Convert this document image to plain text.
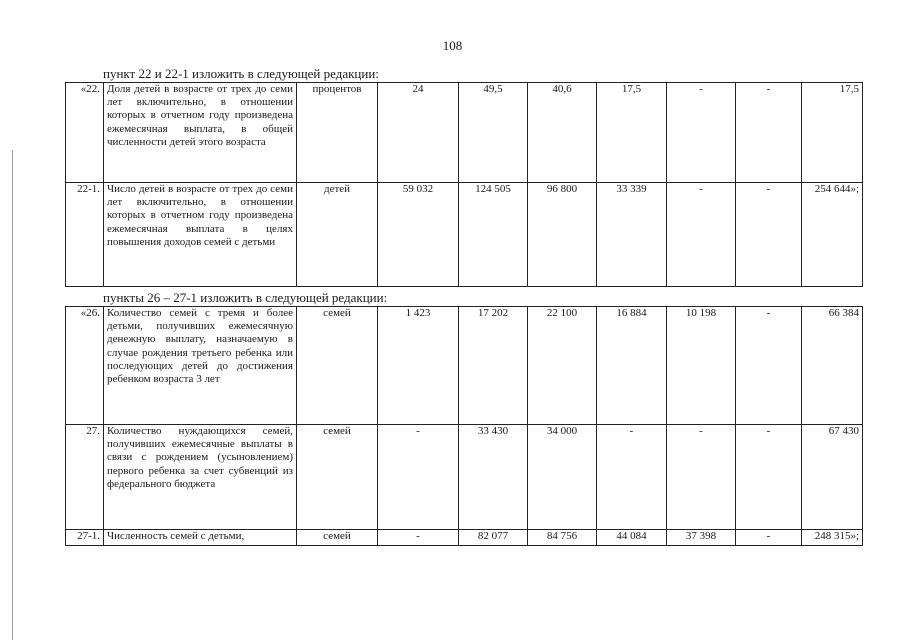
108
пункт 22 и 22-1 изложить в следующей редакции:
«22.	Доля детей в возрасте от трех до семи лет включительно, в отношении которых в отчетном году произведена ежемесячная выплата, в общей численности детей этого возраста	процентов	24	49,5	40,6	17,5	-	-	17,5
22-1.	Число детей в возрасте от трех до семи лет включительно, в отношении которых в отчетном году произведена ежемесячная выплата в целях повышения доходов семей с детьми	детей	59 032	124 505	96 800	33 339	-	-	254 644»;
пункты 26 – 27-1 изложить в следующей редакции:
«26.	Количество семей с тремя и более детьми, получивших ежемесячную денежную выплату, назначаемую в случае рождения третьего ребенка или последующих детей до достижения ребенком возраста 3 лет	семей	1 423	17 202	22 100	16 884	10 198	-	66 384
27.	Количество нуждающихся семей, получивших ежемесячные выплаты в связи с рождением (усыновлением) первого ребенка за счет субвенций из федерального бюджета	семей	-	33 430	34 000	-	-	-	67 430
27-1.	Численность семей с детьми,	семей	-	82 077	84 756	44 084	37 398	-	248 315»;
